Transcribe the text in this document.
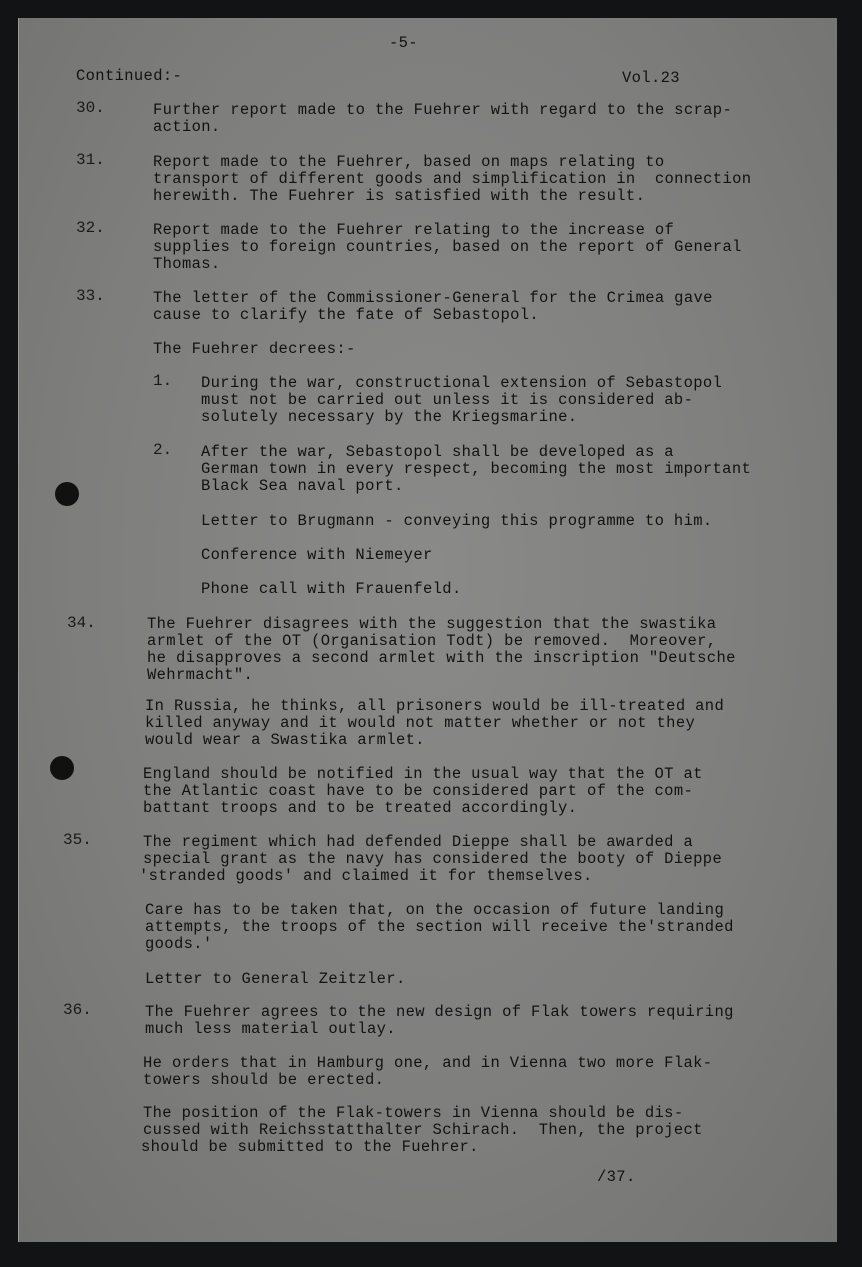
-5-
Continued:-	Vol.23
30.	Further report made to the Fuehrer with regard to the scrap-
action.
31.	Report made to the Fuehrer, based on maps relating to
transport of different goods and simplification in  connection
herewith. The Fuehrer is satisfied with the result.
32.	Report made to the Fuehrer relating to the increase of
supplies to foreign countries, based on the report of General
Thomas.
33.	The letter of the Commissioner-General for the Crimea gave
cause to clarify the fate of Sebastopol.
The Fuehrer decrees:-
1. During the war, constructional extension of Sebastopol
must not be carried out unless it is considered ab-
solutely necessary by the Kriegsmarine.
2. After the war, Sebastopol shall be developed as a
German town in every respect, becoming the most important
Black Sea naval port.
Letter to Brugmann - conveying this programme to him.
Conference with Niemeyer
Phone call with Frauenfeld.
34.	The Fuehrer disagrees with the suggestion that the swastika
armlet of the OT (Organisation Todt) be removed.  Moreover,
he disapproves a second armlet with the inscription "Deutsche
Wehrmacht".
In Russia, he thinks, all prisoners would be ill-treated and
killed anyway and it would not matter whether or not they
would wear a Swastika armlet.
England should be notified in the usual way that the OT at
the Atlantic coast have to be considered part of the com-
battant troops and to be treated accordingly.
35.	The regiment which had defended Dieppe shall be awarded a
special grant as the navy has considered the booty of Dieppe
'stranded goods' and claimed it for themselves.
Care has to be taken that, on the occasion of future landing
attempts, the troops of the section will receive the'stranded
goods.'
Letter to General Zeitzler.
36.	The Fuehrer agrees to the new design of Flak towers requiring
much less material outlay.
He orders that in Hamburg one, and in Vienna two more Flak-
towers should be erected.
The position of the Flak-towers in Vienna should be dis-
cussed with Reichsstatthalter Schirach.  Then, the project
should be submitted to the Fuehrer.
/37.
